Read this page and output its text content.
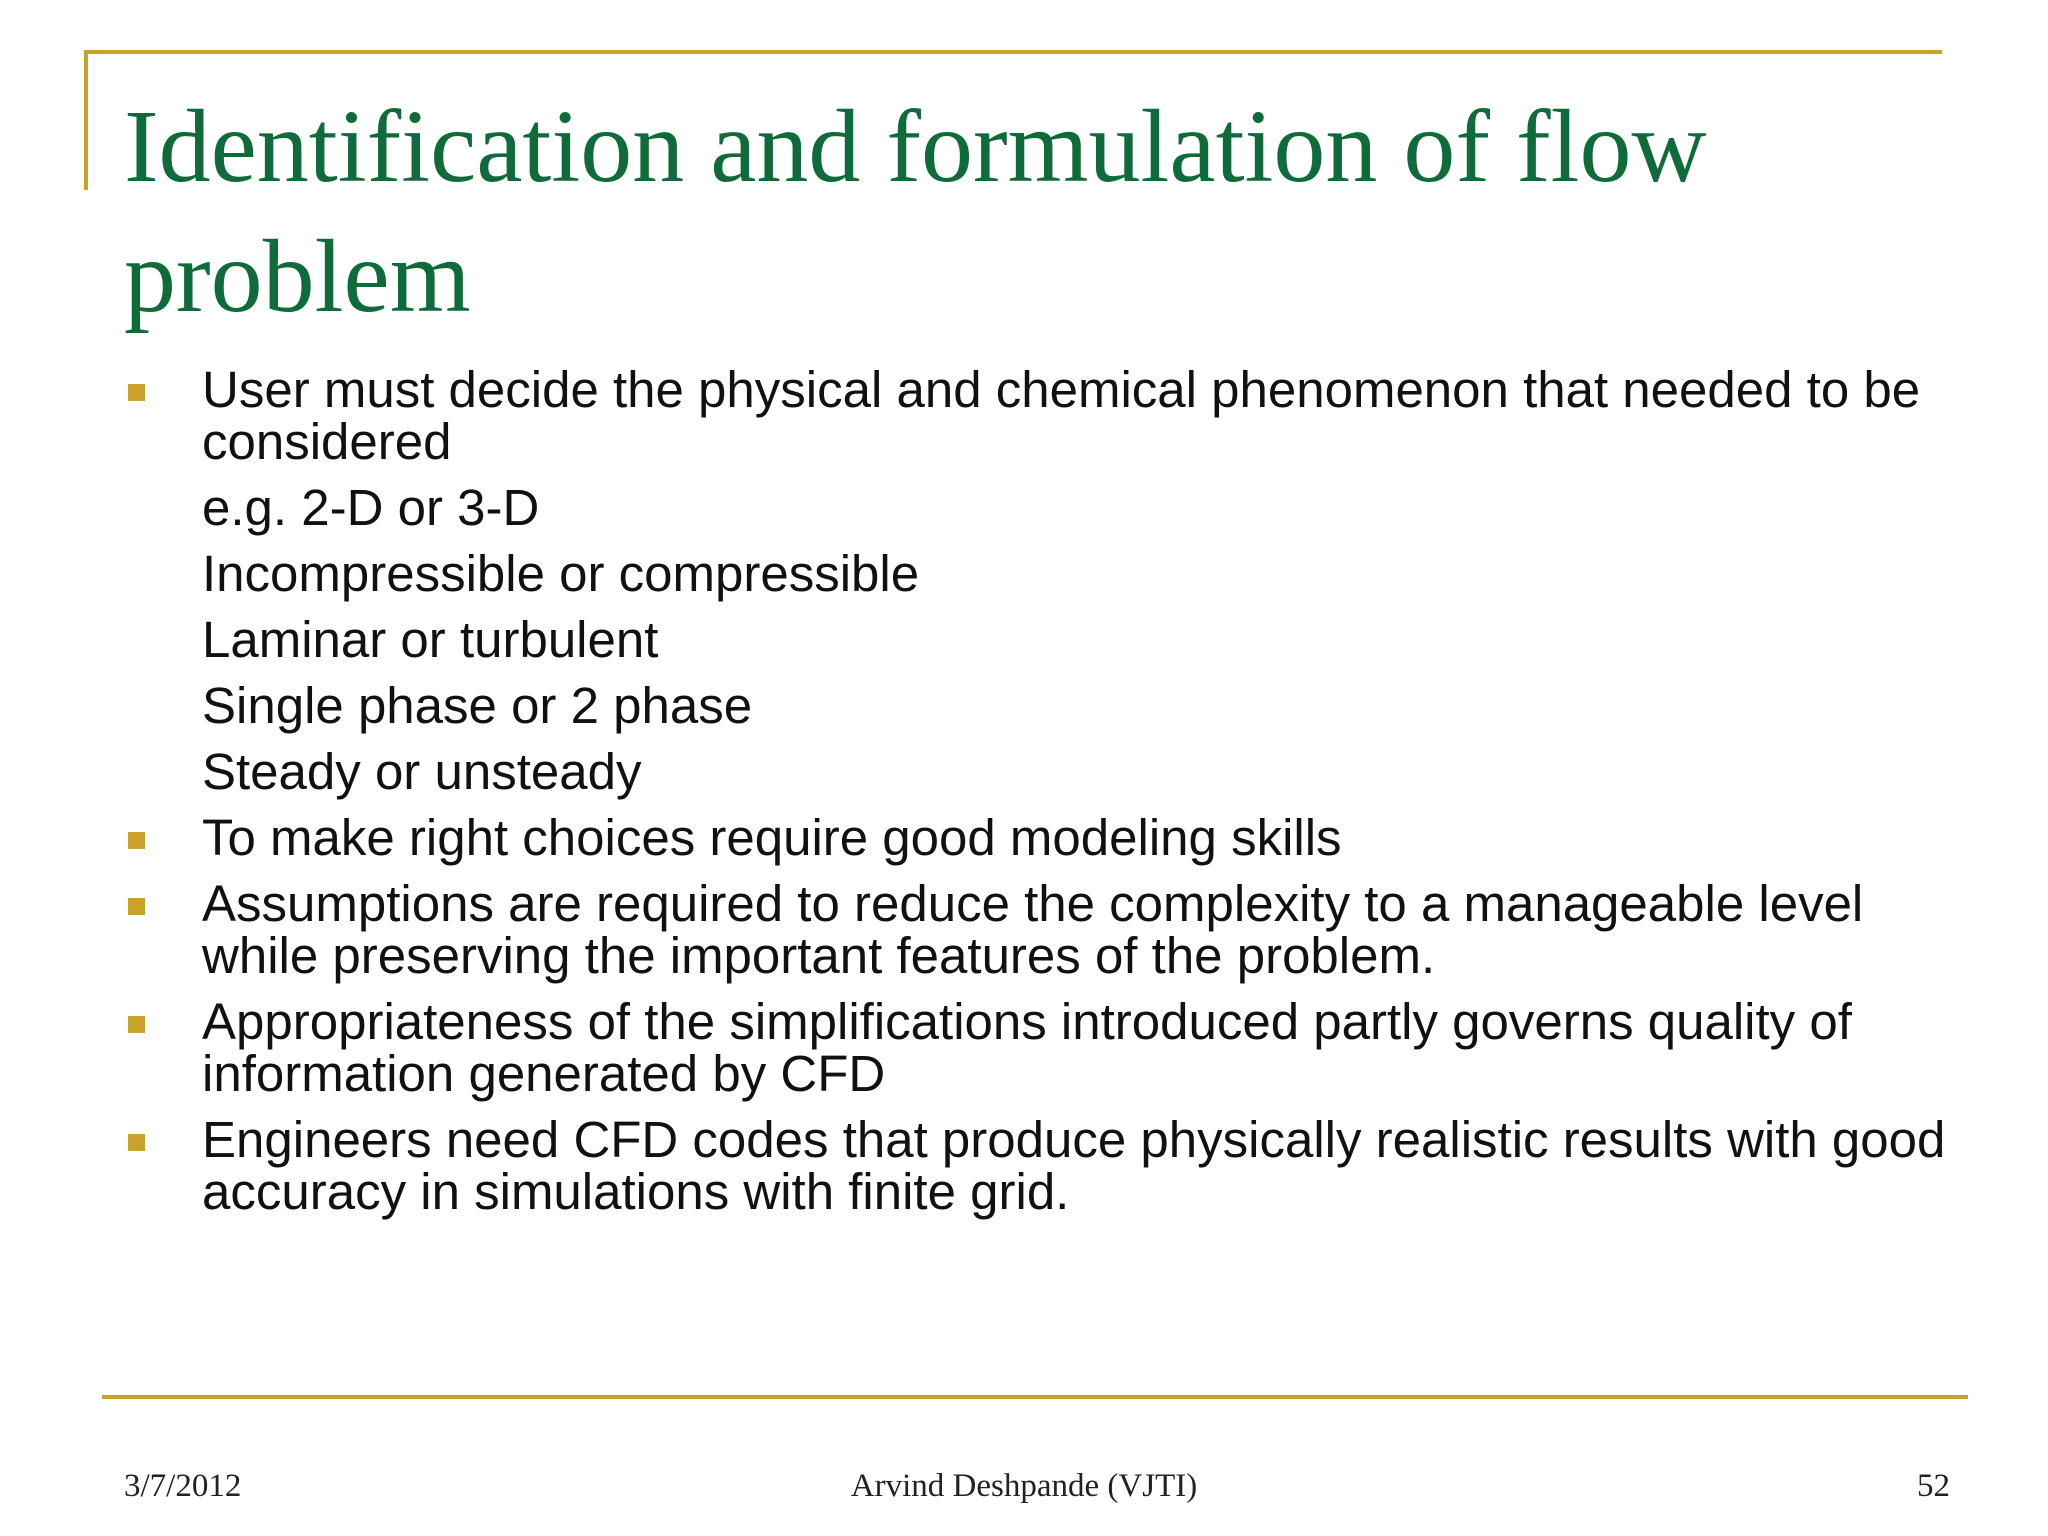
Identification and formulation of flow problem
User must decide the physical and chemical phenomenon that needed to be considered
e.g. 2-D or 3-D
Incompressible or compressible
Laminar or turbulent
Single phase or 2 phase
Steady or unsteady
To make right choices require good modeling skills
Assumptions are required to reduce the complexity to a manageable level while preserving the important features of the problem.
Appropriateness of the simplifications introduced partly governs quality of information generated by CFD
Engineers need CFD codes that produce physically realistic results with good accuracy in simulations with finite grid.
3/7/2012	Arvind Deshpande (VJTI)	52
